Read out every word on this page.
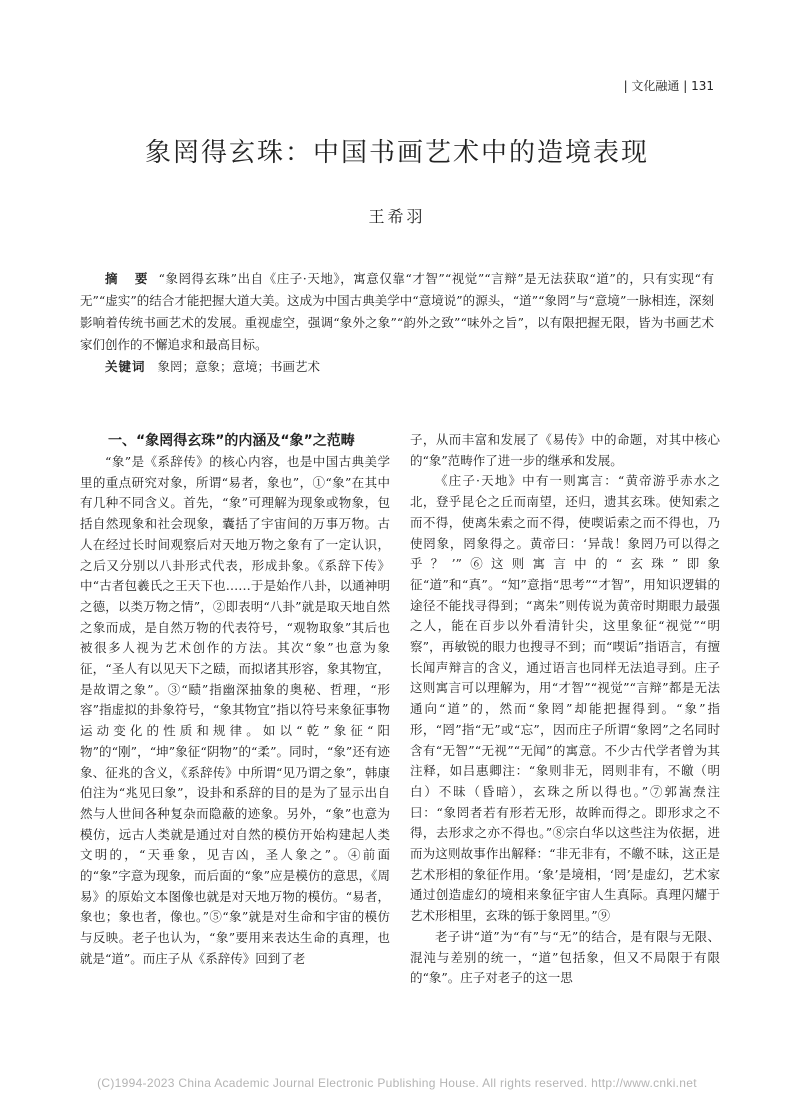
| 文化融通 | 131
象罔得玄珠：中国书画艺术中的造境表现
王希羽

摘 要 “象罔得玄珠”出自《庄子·天地》，寓意仅靠“才智”“视觉”“言辩”是无法获取“道”的，只有实现“有无”“虚实”的结合才能把握大道大美。这成为中国古典美学中“意境说”的源头，“道”“象罔”与“意境”一脉相连，深刻影响着传统书画艺术的发展。重视虚空，强调“象外之象”“韵外之致”“味外之旨”，以有限把握无限，皆为书画艺术家们创作的不懈追求和最高目标。

关键词 象罔；意象；意境；书画艺术

一、“象罔得玄珠”的内涵及“象”之范畴

“象”是《系辞传》的核心内容，也是中国古典美学里的重点研究对象，所谓“易者，象也”，①“象”在其中有几种不同含义。首先，“象”可理解为现象或物象，包括自然现象和社会现象，囊括了宇宙间的万事万物。古人在经过长时间观察后对天地万物之象有了一定认识，之后又分别以八卦形式代表，形成卦象。《系辞下传》中“古者包羲氏之王天下也……于是始作八卦，以通神明之德，以类万物之情”，②即表明“八卦”就是取天地自然之象而成，是自然万物的代表符号，“观物取象”其后也被很多人视为艺术创作的方法。其次“象”也意为象征，“圣人有以见天下之赜，而拟诸其形容，象其物宜，是故谓之象”。③“赜”指幽深抽象的奥秘、哲理，“形容”指虚拟的卦象符号，“象其物宜”指以符号来象征事物运动变化的性质和规律。如以“乾”象征“阳物”的“刚”，“坤”象征“阴物”的“柔”。同时，“象”还有迹象、征兆的含义，《系辞传》中所谓“见乃谓之象”，韩康伯注为“兆见曰象”，设卦和系辞的目的是为了显示出自然与人世间各种复杂而隐蔽的迹象。另外，“象”也意为模仿，远古人类就是通过对自然的模仿开始构建起人类文明的，“天垂象，见吉凶，圣人象之”。④前面的“象”字意为现象，而后面的“象”应是模仿的意思，《周易》的原始文本图像也就是对天地万物的模仿。“易者，象也；象也者，像也。”⑤“象”就是对生命和宇宙的模仿与反映。老子也认为，“象”要用来表达生命的真理，也就是“道”。而庄子从《系辞传》回到了老

子，从而丰富和发展了《易传》中的命题，对其中核心的“象”范畴作了进一步的继承和发展。

《庄子·天地》中有一则寓言：“黄帝游乎赤水之北，登乎昆仑之丘而南望，还归，遗其玄珠。使知索之而不得，使离朱索之而不得，使喫诟索之而不得也，乃使罔象，罔象得之。黄帝曰：‘异哉！象罔乃可以得之乎？’”⑥这则寓言中的“玄珠”即象征“道”和“真”。“知”意指“思考”“才智”，用知识逻辑的途径不能找寻得到；“离朱”则传说为黄帝时期眼力最强之人，能在百步以外看清针尖，这里象征“视觉”“明察”，再敏锐的眼力也搜寻不到；而“喫诟”指语言，有擅长闻声辩言的含义，通过语言也同样无法追寻到。庄子这则寓言可以理解为，用“才智”“视觉”“言辩”都是无法通向“道”的，然而“象罔”却能把握得到。“象”指形，“罔”指“无”或“忘”，因而庄子所谓“象罔”之名同时含有“无智”“无视”“无闻”的寓意。不少古代学者曾为其注释，如吕惠卿注：“象则非无，罔则非有，不皦（明白）不昧（昏暗），玄珠之所以得也。”⑦郭嵩焘注曰：“象罔者若有形若无形，故眸而得之。即形求之不得，去形求之亦不得也。”⑧宗白华以这些注为依据，进而为这则故事作出解释：“非无非有，不皦不昧，这正是艺术形相的象征作用。‘象’是境相，‘罔’是虚幻，艺术家通过创造虚幻的境相来象征宇宙人生真际。真理闪耀于艺术形相里，玄珠的铄于象罔里。”⑨

老子讲“道”为“有”与“无”的结合，是有限与无限、混沌与差别的统一，“道”包括象，但又不局限于有限的“象”。庄子对老子的这一思

(C)1994-2023 China Academic Journal Electronic Publishing House. All rights reserved. http://www.cnki.net
